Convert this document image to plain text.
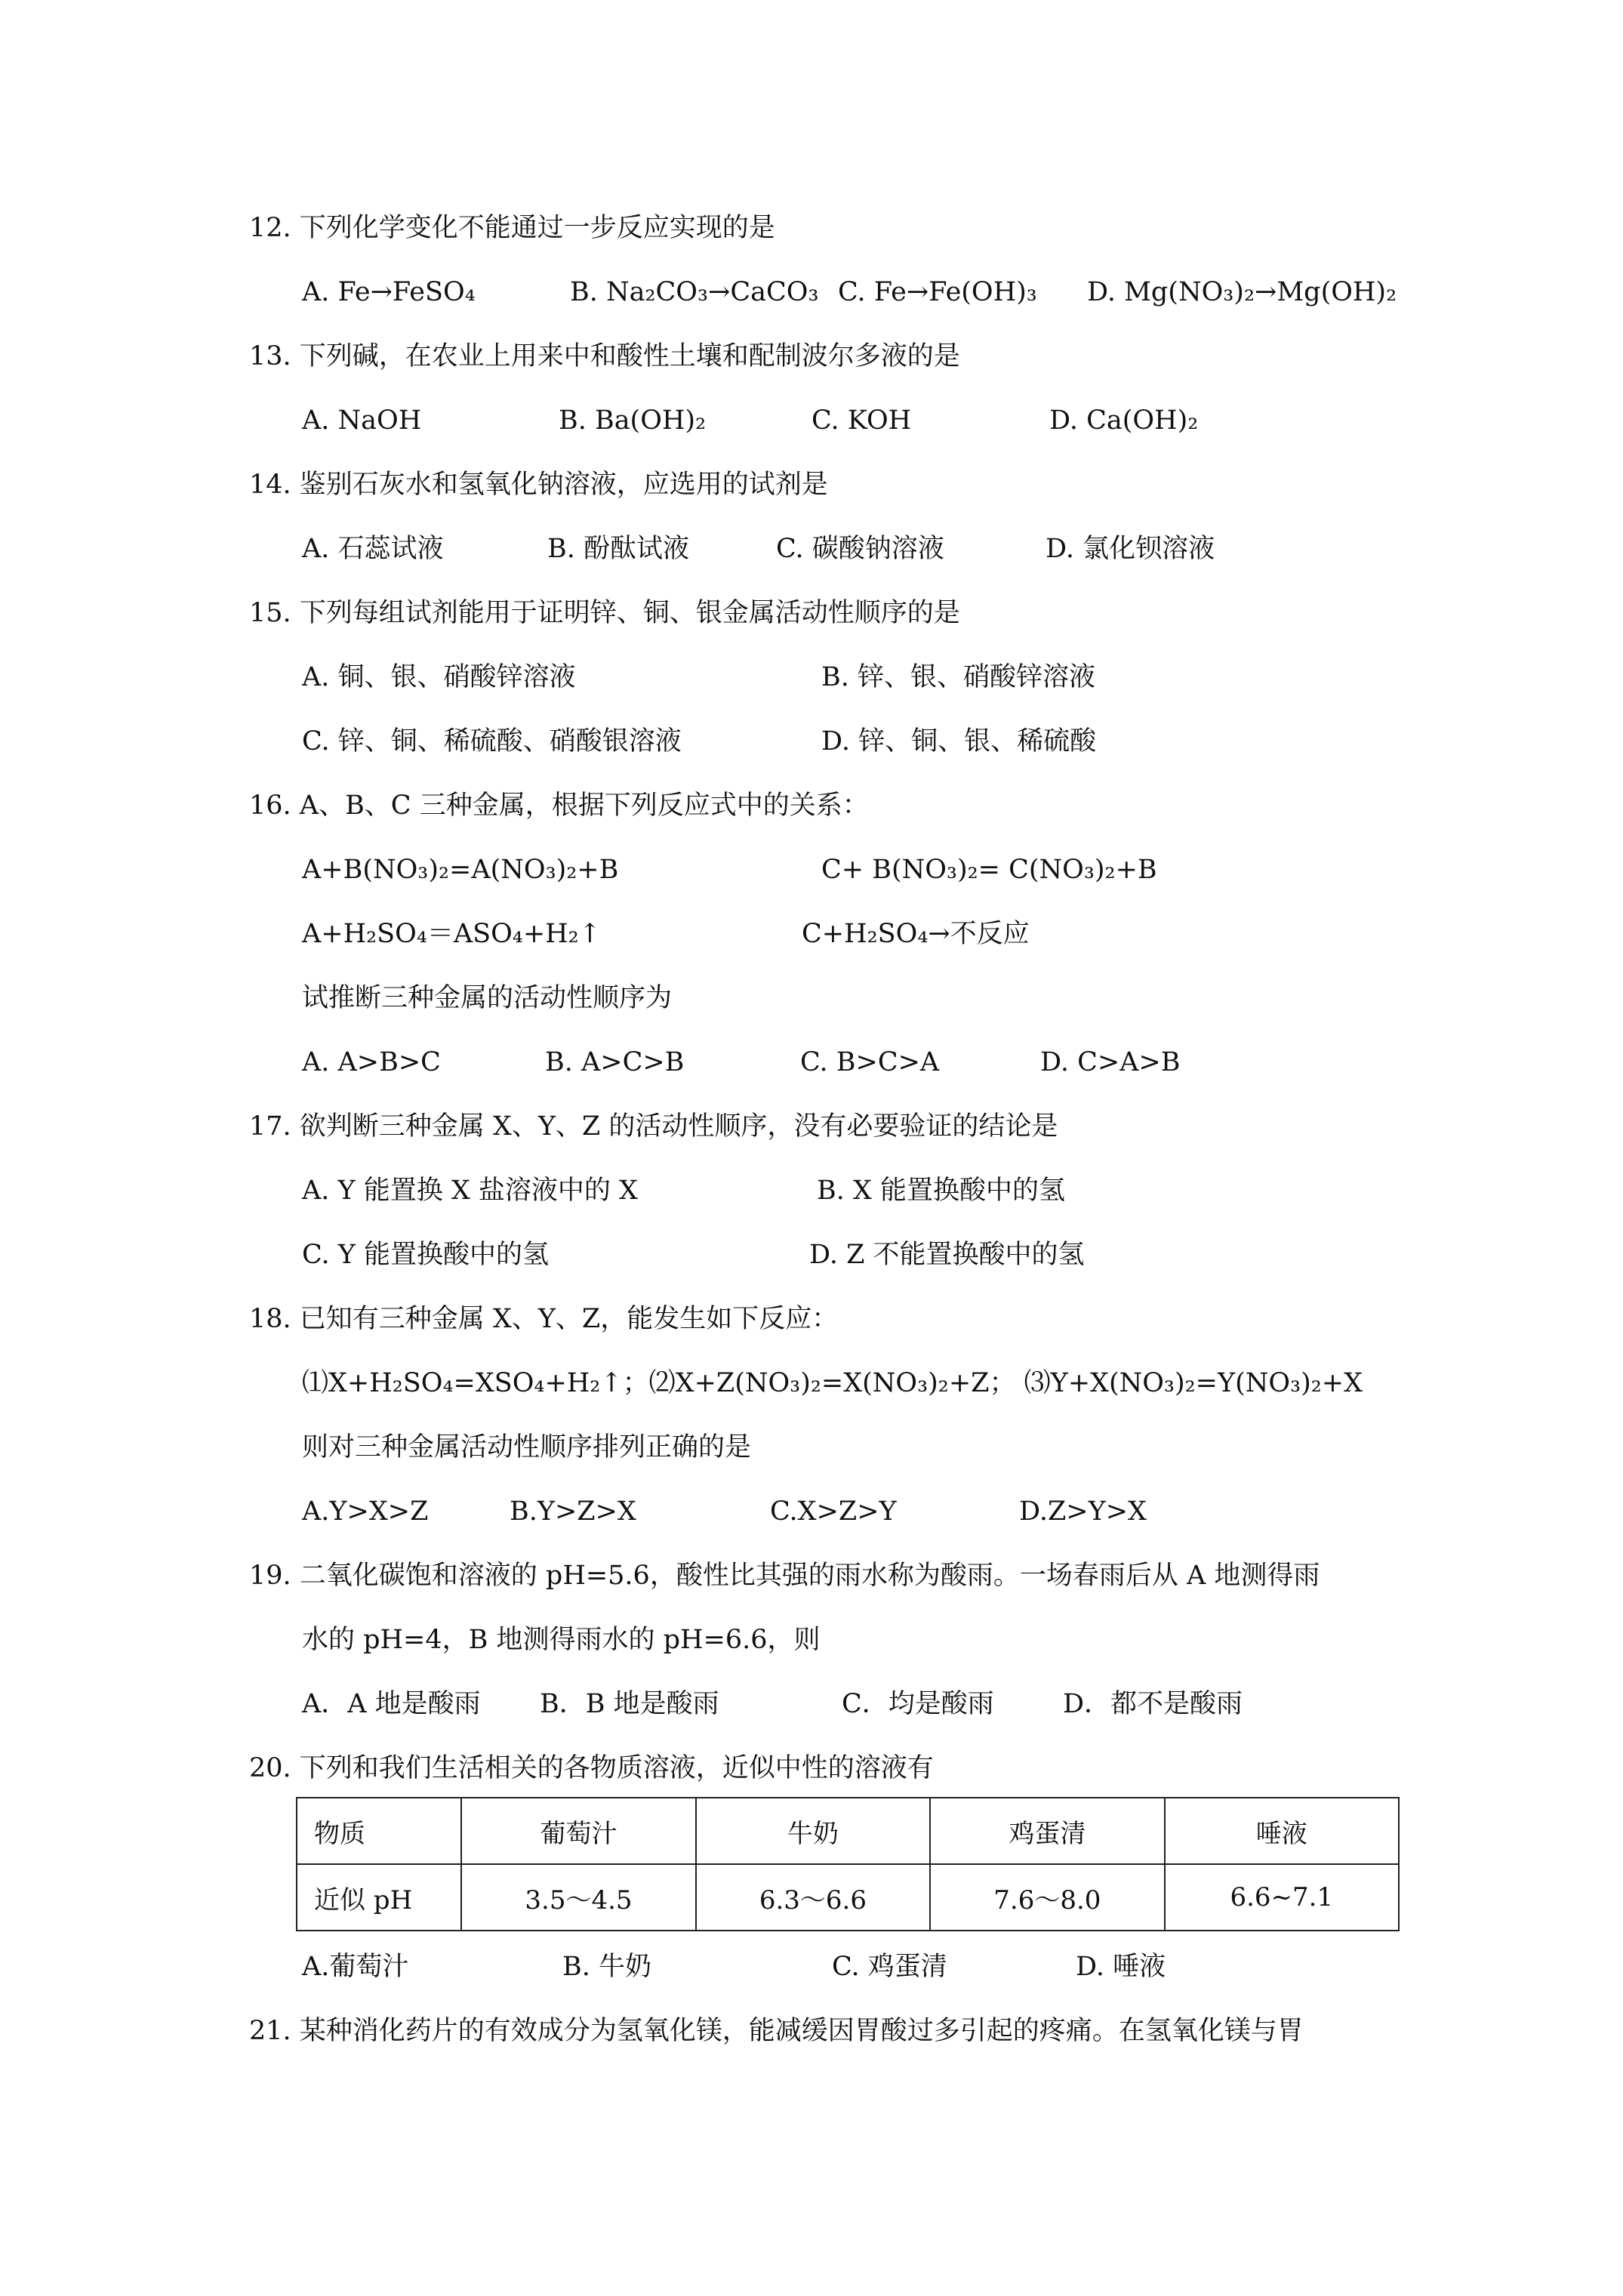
12. 下列化学变化不能通过一步反应实现的是
A. Fe→FeSO₄	B. Na₂CO₃→CaCO₃ C. Fe→Fe(OH)₃ D. Mg(NO₃)₂→Mg(OH)₂
13. 下列碱，在农业上用来中和酸性土壤和配制波尔多液的是
A. NaOH	B. Ba(OH)₂	C. KOH	D. Ca(OH)₂
14. 鉴别石灰水和氢氧化钠溶液，应选用的试剂是
A. 石蕊试液	B. 酚酞试液	C. 碳酸钠溶液	D. 氯化钡溶液
15. 下列每组试剂能用于证明锌、铜、银金属活动性顺序的是
A. 铜、银、硝酸锌溶液	B. 锌、银、硝酸锌溶液
C. 锌、铜、稀硫酸、硝酸银溶液	D. 锌、铜、银、稀硫酸
16. A、B、C 三种金属，根据下列反应式中的关系：
A+B(NO₃)₂=A(NO₃)₂+B	C+ B(NO₃)₂= C(NO₃)₂+B
A+H₂SO₄＝ASO₄+H₂↑	C+H₂SO₄→不反应
试推断三种金属的活动性顺序为
A. A>B>C	B. A>C>B	C. B>C>A	D. C>A>B
17. 欲判断三种金属 X、Y、Z 的活动性顺序，没有必要验证的结论是
A. Y 能置换 X 盐溶液中的 X	B. X 能置换酸中的氢
C. Y 能置换酸中的氢	D. Z 不能置换酸中的氢
18. 已知有三种金属 X、Y、Z，能发生如下反应：
⑴X+H₂SO₄=XSO₄+H₂↑；⑵X+Z(NO₃)₂=X(NO₃)₂+Z； ⑶Y+X(NO₃)₂=Y(NO₃)₂+X
则对三种金属活动性顺序排列正确的是
A.Y>X>Z	B.Y>Z>X	C.X>Z>Y	D.Z>Y>X
19. 二氧化碳饱和溶液的 pH=5.6，酸性比其强的雨水称为酸雨。一场春雨后从 A 地测得雨
水的 pH=4，B 地测得雨水的 pH=6.6，则
A．A 地是酸雨 B．B 地是酸雨	C．均是酸雨	D．都不是酸雨
20. 下列和我们生活相关的各物质溶液，近似中性的溶液有
物质	葡萄汁	牛奶	鸡蛋清	唾液
近似 pH	3.5～4.5	6.3～6.6	7.6～8.0	6.6~7.1
A.葡萄汁	B. 牛奶	C. 鸡蛋清	D. 唾液
21. 某种消化药片的有效成分为氢氧化镁，能减缓因胃酸过多引起的疼痛。在氢氧化镁与胃
